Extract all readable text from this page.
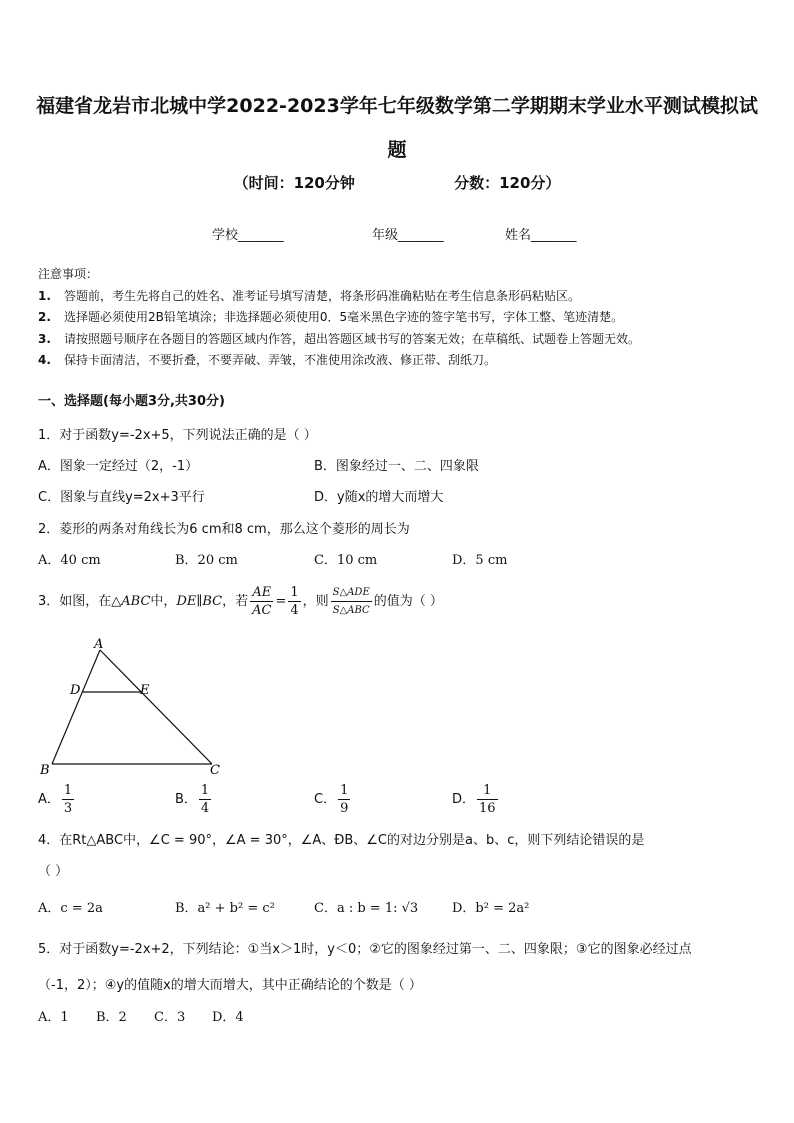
福建省龙岩市北城中学2022-2023学年七年级数学第二学期期末学业水平测试模拟试题
（时间：120分钟                   分数：120分）
学校_______	年级_______	姓名_______
注意事项：
1. 答题前，考生先将自己的姓名、准考证号填写清楚，将条形码准确粘贴在考生信息条形码粘贴区。
2. 选择题必须使用2B铅笔填涂；非选择题必须使用0．5毫米黑色字迹的签字笔书写，字体工整、笔迹清楚。
3. 请按照题号顺序在各题目的答题区域内作答，超出答题区域书写的答案无效；在草稿纸、试题卷上答题无效。
4. 保持卡面清洁，不要折叠，不要弄破、弄皱，不准使用涂改液、修正带、刮纸刀。
一、选择题(每小题3分,共30分)
1．对于函数y=-2x+5，下列说法正确的是（ ）
A．图象一定经过（2，-1）	B．图象经过一、二、四象限
C．图象与直线y=2x+3平行	D．y随x的增大而增大
2．菱形的两条对角线长为6 cm和8 cm，那么这个菱形的周长为
A．40 cm	B．20 cm	C．10 cm	D．5 cm
3．如图，在△ABC中，DE∥BC，若 $\frac{AE}{AC} = \frac{1}{4}$ ，则 $\frac{\text{S△ADE}}{\text{S△ABC}}$ 的值为（ ）
A
D	E
B	C
A． $\frac{1}{3}$	B． $\frac{1}{4}$	C． $\frac{1}{9}$	D． $\frac{1}{16}$
4．在Rt△ABC中，∠C = 90°，∠A = 30°，∠A、ÐB、∠C的对边分别是a、b、c，则下列结论错误的是
（ ）
A．c = 2a	B．a² + b² = c²	C．a : b = 1: √3	D．b² = 2a²
5．对于函数y=-2x+2，下列结论：①当x＞1时，y＜0；②它的图象经过第一、二、四象限；③它的图象必经过点
（-1，2）；④y的值随x的增大而增大，其中正确结论的个数是（ ）
A．1 B．2 C．3 D．4
